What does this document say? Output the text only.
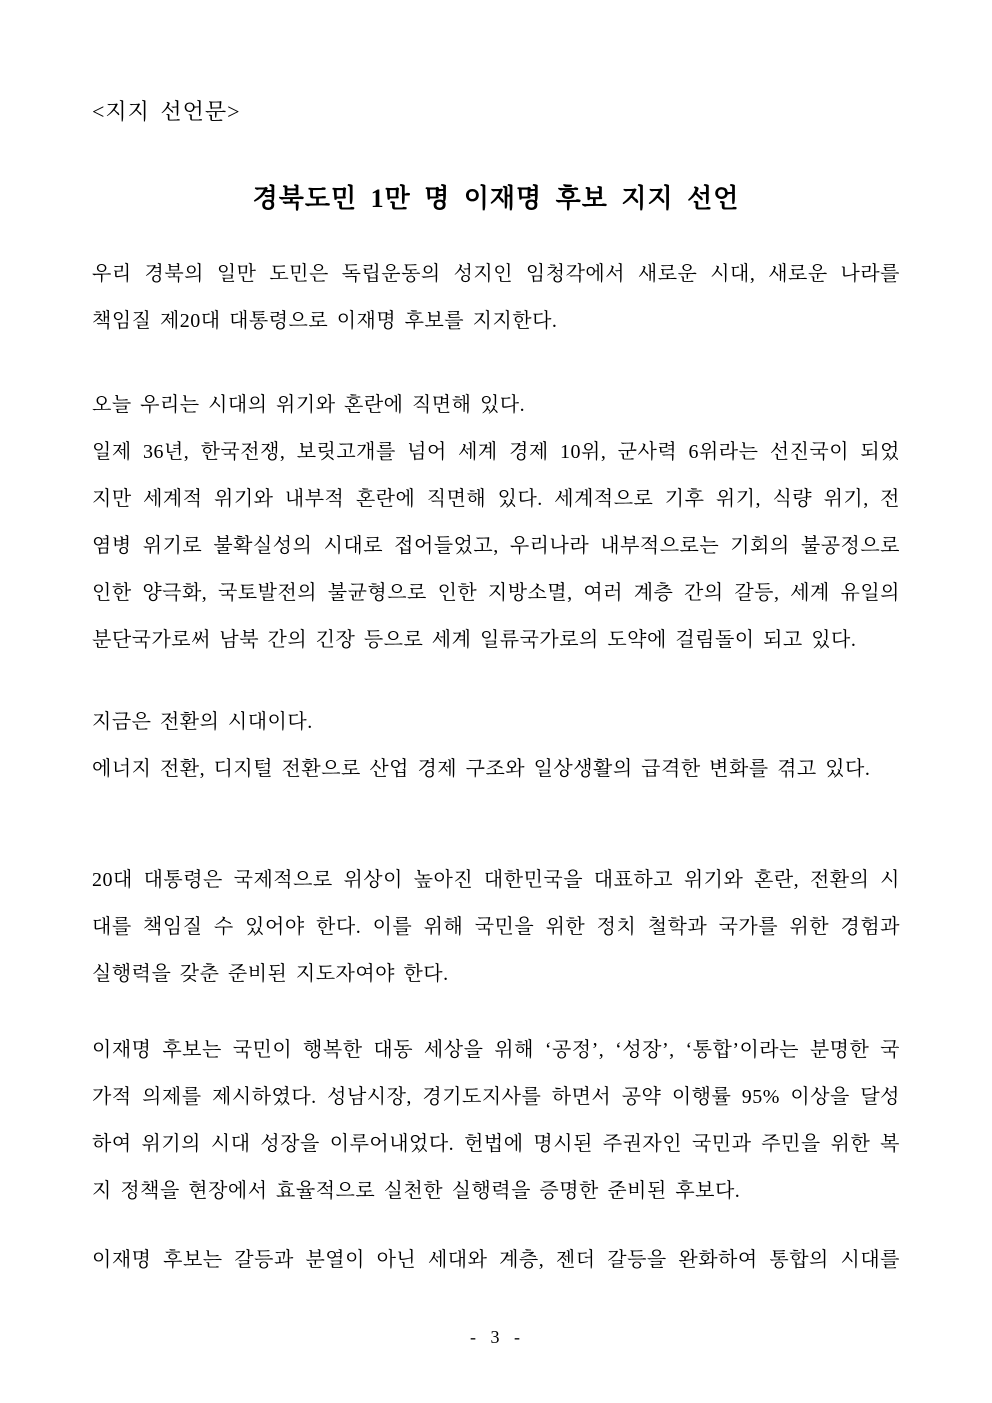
<지지 선언문>
경북도민 1만 명 이재명 후보 지지 선언
우리 경북의 일만 도민은 독립운동의 성지인 임청각에서 새로운 시대, 새로운 나라를
책임질 제20대 대통령으로 이재명 후보를 지지한다.
오늘 우리는 시대의 위기와 혼란에 직면해 있다.
일제 36년, 한국전쟁, 보릿고개를 넘어 세계 경제 10위, 군사력 6위라는 선진국이 되었
지만 세계적 위기와 내부적 혼란에 직면해 있다. 세계적으로 기후 위기, 식량 위기, 전
염병 위기로 불확실성의 시대로 접어들었고, 우리나라 내부적으로는 기회의 불공정으로
인한 양극화, 국토발전의 불균형으로 인한 지방소멸, 여러 계층 간의 갈등, 세계 유일의
분단국가로써 남북 간의 긴장 등으로 세계 일류국가로의 도약에 걸림돌이 되고 있다.
지금은 전환의 시대이다.
에너지 전환, 디지털 전환으로 산업 경제 구조와 일상생활의 급격한 변화를 겪고 있다.
20대 대통령은 국제적으로 위상이 높아진 대한민국을 대표하고 위기와 혼란, 전환의 시
대를 책임질 수 있어야 한다. 이를 위해 국민을 위한 정치 철학과 국가를 위한 경험과
실행력을 갖춘 준비된 지도자여야 한다.
이재명 후보는 국민이 행복한 대동 세상을 위해 ‘공정’, ‘성장’, ‘통합’이라는 분명한 국
가적 의제를 제시하였다. 성남시장, 경기도지사를 하면서 공약 이행률 95% 이상을 달성
하여 위기의 시대 성장을 이루어내었다. 헌법에 명시된 주권자인 국민과 주민을 위한 복
지 정책을 현장에서 효율적으로 실천한 실행력을 증명한 준비된 후보다.
이재명 후보는 갈등과 분열이 아닌 세대와 계층, 젠더 갈등을 완화하여 통합의 시대를
- 3 -
